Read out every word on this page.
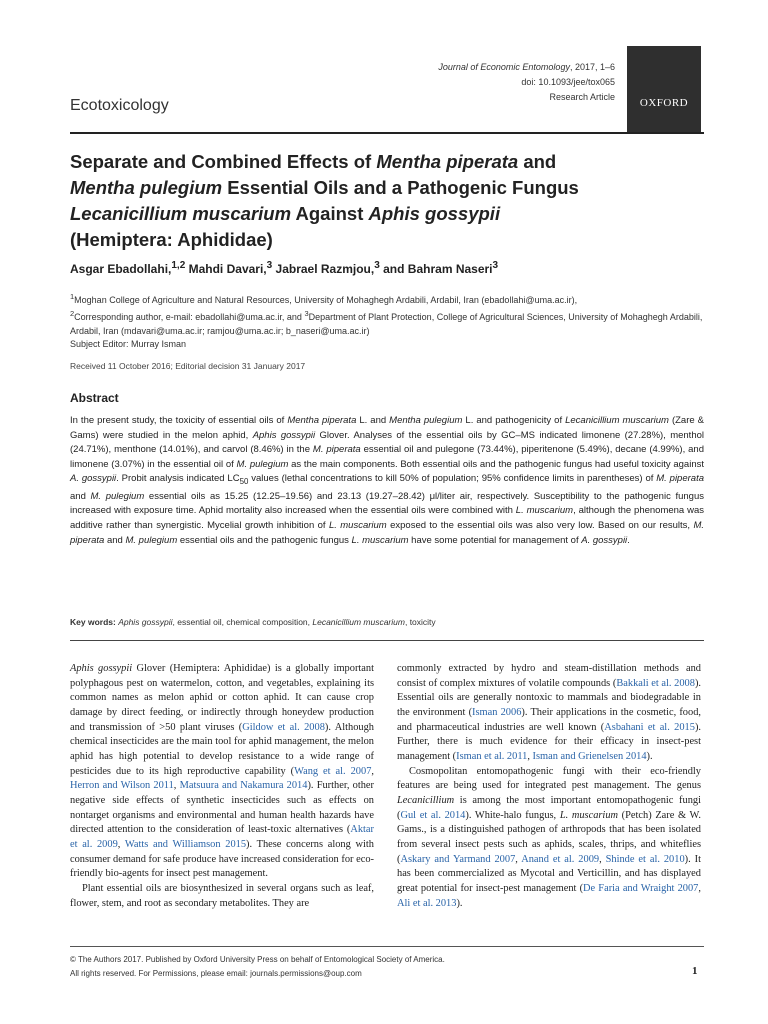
Ecotoxicology
Journal of Economic Entomology, 2017, 1–6
doi: 10.1093/jee/tox065
Research Article	OXFORD
Separate and Combined Effects of Mentha piperata and
Mentha pulegium Essential Oils and a Pathogenic Fungus
Lecanicillium muscarium Against Aphis gossypii
(Hemiptera: Aphididae)
Asgar Ebadollahi,$^{1,2}$ Mahdi Davari,$^3$ Jabrael Razmjou,$^3$ and Bahram Naseri$^3$
$^1$Moghan College of Agriculture and Natural Resources, University of Mohaghegh Ardabili, Ardabil, Iran (ebadollahi@uma.ac.ir),
$^2$Corresponding author, e-mail: ebadollahi@uma.ac.ir, and $^3$Department of Plant Protection, College of Agricultural Sciences, University of Mohaghegh Ardabili, Ardabil, Iran (mdavari@uma.ac.ir; ramjou@uma.ac.ir; b_naseri@uma.ac.ir)
Subject Editor: Murray Isman
Received 11 October 2016; Editorial decision 31 January 2017
Abstract
In the present study, the toxicity of essential oils of Mentha piperata L. and Mentha pulegium L. and pathogenicity of Lecanicillium muscarium (Zare & Gams) were studied in the melon aphid, Aphis gossypii Glover. Analyses of the essential oils by GC–MS indicated limonene (27.28%), menthol (24.71%), menthone (14.01%), and carvol (8.46%) in the M. piperata essential oil and pulegone (73.44%), piperitenone (5.49%), decane (4.99%), and limonene (3.07%) in the essential oil of M. pulegium as the main components. Both essential oils and the pathogenic fungus had useful toxicity against A. gossypii. Probit analysis indicated $LC_{50}$ values (lethal concentrations to kill 50% of population; 95% confidence limits in parentheses) of M. piperata and M. pulegium essential oils as 15.25 (12.25–19.56) and 23.13 (19.27–28.42) μl/liter air, respectively. Susceptibility to the pathogenic fungus increased with exposure time. Aphid mortality also increased when the essential oils were combined with L. muscarium, although the phenomena was additive rather than synergistic. Mycelial growth inhibition of L. muscarium exposed to the essential oils was also very low. Based on our results, M. piperata and M. pulegium essential oils and the pathogenic fungus L. muscarium have some potential for management of A. gossypii.
Key words: Aphis gossypii, essential oil, chemical composition, Lecanicillium muscarium, toxicity

Aphis gossypii Glover (Hemiptera: Aphididae) is a globally important polyphagous pest on watermelon, cotton, and vegetables, explaining its common names as melon aphid or cotton aphid. It can cause crop damage by direct feeding, or indirectly through honeydew production and transmission of >50 plant viruses (Gildow et al. 2008). Although chemical insecticides are the main tool for aphid management, the melon aphid has high potential to develop resistance to a wide range of pesticides due to its high reproductive capability (Wang et al. 2007, Herron and Wilson 2011, Matsuura and Nakamura 2014). Further, other negative side effects of synthetic insecticides such as effects on nontarget organisms and environmental and human health hazards have directed attention to the consideration of least-toxic alternatives (Aktar et al. 2009, Watts and Williamson 2015). These concerns along with consumer demand for safe produce have increased consideration for eco-friendly bio-agents for insect pest management.

Plant essential oils are biosynthesized in several organs such as leaf, flower, stem, and root as secondary metabolites. They are

commonly extracted by hydro and steam-distillation methods and consist of complex mixtures of volatile compounds (Bakkali et al. 2008). Essential oils are generally nontoxic to mammals and biodegradable in the environment (Isman 2006). Their applications in the cosmetic, food, and pharmaceutical industries are well known (Asbahani et al. 2015). Further, there is much evidence for their efficacy in insect-pest management (Isman et al. 2011, Isman and Grienelsen 2014).

Cosmopolitan entomopathogenic fungi with their eco-friendly features are being used for integrated pest management. The genus Lecanicillium is among the most important entomopathogenic fungi (Gul et al. 2014). White-halo fungus, L. muscarium (Petch) Zare & W. Gams., is a distinguished pathogen of arthropods that has been isolated from several insect pests such as aphids, scales, thrips, and whiteflies (Askary and Yarmand 2007, Anand et al. 2009, Shinde et al. 2010). It has been commercialized as Mycotal and Verticillin, and has displayed great potential for insect-pest management (De Faria and Wraight 2007, Ali et al. 2013).

© The Authors 2017. Published by Oxford University Press on behalf of Entomological Society of America.
All rights reserved. For Permissions, please email: journals.permissions@oup.com	1
